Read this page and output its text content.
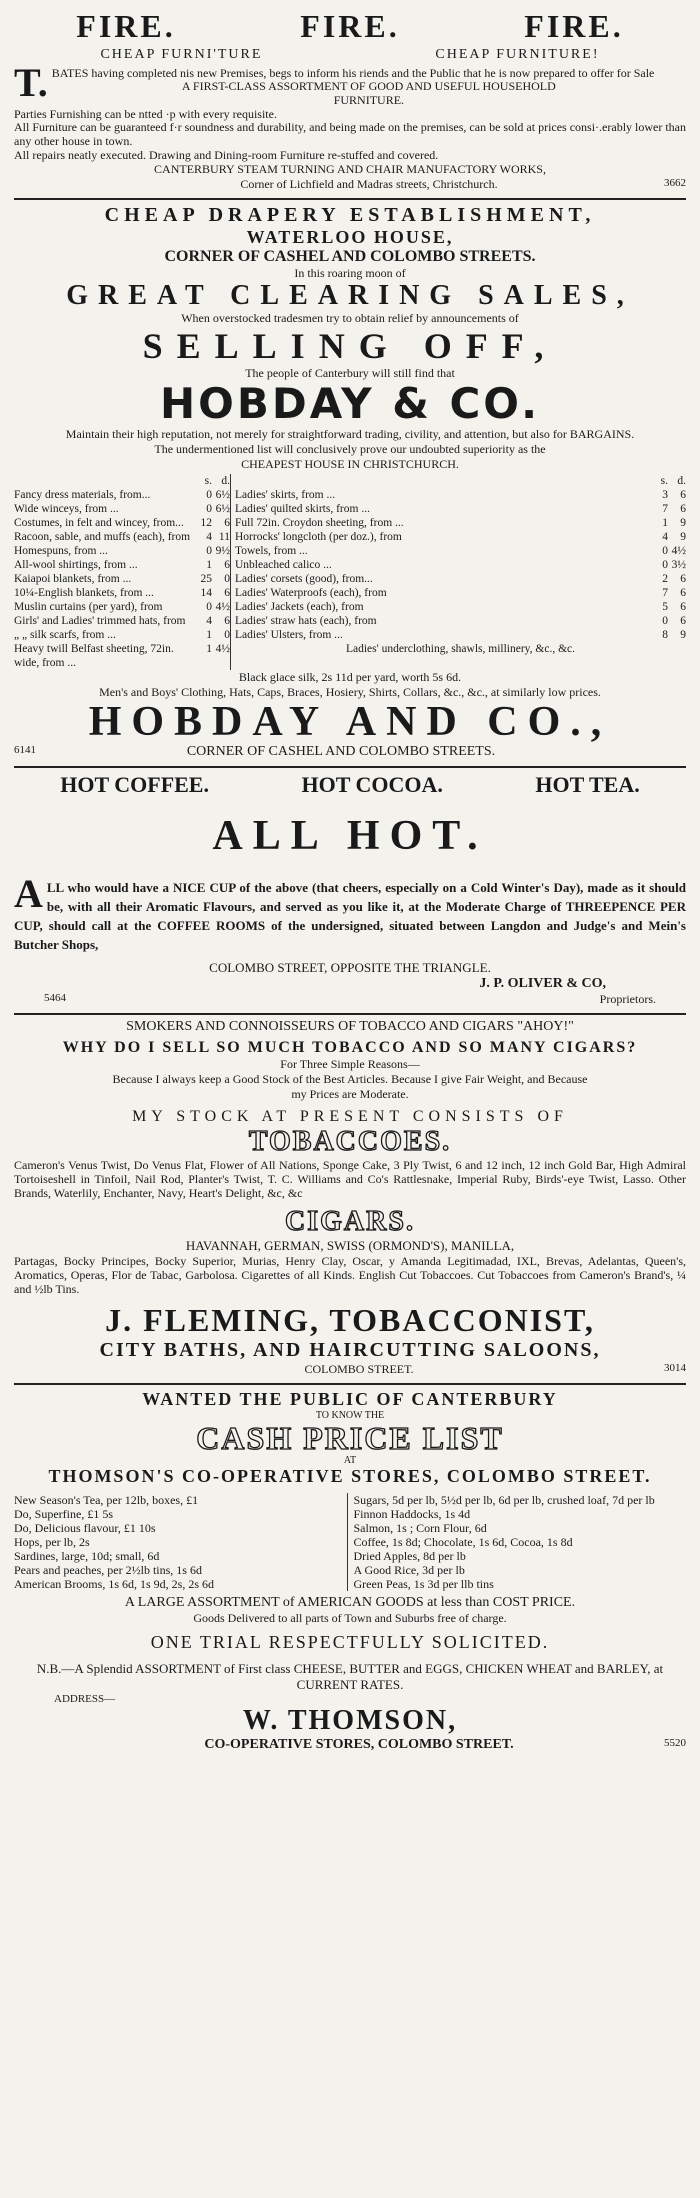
FIRE.	FIRE.	FIRE.
CHEAP FURNI'TURE	CHEAP FURNITURE!
T. BATES having completed nis new Premises, begs to inform his riends and the Public that he is now prepared to offer for Sale
A FIRST-CLASS ASSORTMENT OF GOOD AND USEFUL HOUSEHOLD
FURNITURE.
Parties Furnishing can be ntted ·p with every requisite.
All Furniture can be guaranteed f·r soundness and durability, and being made on the premises, can be sold at prices consi·.erably lower than any other house in town.
All repairs neatly executed. Drawing and Dining-room Furniture re-stuffed and covered.
CANTERBURY STEAM TURNING AND CHAIR MANUFACTORY WORKS,
Corner of Lichfield and Madras streets, Christchurch.	3662
CHEAP DRAPERY ESTABLISHMENT,
WATERLOO HOUSE,
CORNER OF CASHEL AND COLOMBO STREETS.
In this roaring moon of
GREAT CLEARING SALES,
When overstocked tradesmen try to obtain relief by announcements of
SELLING OFF,
The people of Canterbury will still find that
HOBDAY & CO.
Maintain their high reputation, not merely for straightforward trading, civility, and attention, but also for BARGAINS.
The undermentioned list will conclusively prove our undoubted superiority as the
CHEAPEST HOUSE IN CHRISTCHURCH.
	s.	d.		s.	d.
Fancy dress materials, from...	0	6½	Ladies' skirts, from ...	3	6
Wide winceys, from ...	0	6½	Ladies' quilted skirts, from ...	7	6
Costumes, in felt and wincey, from...	12	6	Full 72in. Croydon sheeting, from ...	1	9
Racoon, sable, and muffs (each), from	4	11	Horrocks' longcloth (per doz.), from	4	9
Homespuns, from ...	0	9½	Towels, from ...	0	4½
All-wool shirtings, from ...	1	6	Unbleached calico ...	0	3½
Kaiapoi blankets, from ...	25	0	Ladies' corsets (good), from...	2	6
10¼-English blankets, from ...	14	6	Ladies' Waterproofs (each), from	7	6
Muslin curtains (per yard), from	0	4½	Ladies' Jackets (each), from	5	6
Girls' and Ladies' trimmed hats, from	4	6	Ladies' straw hats (each), from	0	6
„ „ silk scarfs, from ...	1	0	Ladies' Ulsters, from ...	8	9
Heavy twill Belfast sheeting, 72in. wide, from ...	1	4½	Ladies' underclothing, shawls, millinery, &c., &c.		
Black glace silk, 2s 11d per yard, worth 5s 6d.
Men's and Boys' Clothing, Hats, Caps, Braces, Hosiery, Shirts, Collars, &c., &c., at similarly low prices.
HOBDAY AND CO.,
6141	CORNER OF CASHEL AND COLOMBO STREETS.
HOT COFFEE.	HOT COCOA.	HOT TEA.
ALL HOT.
A LL who would have a NICE CUP of the above (that cheers, especially on a Cold Winter's Day), made as it should be, with all their Aromatic Flavours, and served as you like it, at the Moderate Charge of THREEPENCE PER CUP, should call at the COFFEE ROOMS of the undersigned, situated between Langdon and Judge's and Mein's Butcher Shops,
COLOMBO STREET, OPPOSITE THE TRIANGLE.
J. P. OLIVER & CO,
5464	Proprietors.
SMOKERS AND CONNOISSEURS OF TOBACCO AND CIGARS "AHOY!"
WHY DO I SELL SO MUCH TOBACCO AND SO MANY CIGARS?
For Three Simple Reasons—
Because I always keep a Good Stock of the Best Articles. Because I give Fair Weight, and Because my Prices are Moderate.
MY STOCK AT PRESENT CONSISTS OF
TOBACCOES.
Cameron's Venus Twist, Do Venus Flat, Flower of All Nations, Sponge Cake, 3 Ply Twist, 6 and 12 inch, 12 inch Gold Bar, High Admiral Tortoiseshell in Tinfoil, Nail Rod, Planter's Twist, T. C. Williams and Co's Rattlesnake, Imperial Ruby, Birds'-eye Twist, Lasso. Other Brands, Waterlily, Enchanter, Navy, Heart's Delight, &c, &c
CIGARS.
HAVANNAH, GERMAN, SWISS (ORMOND'S), MANILLA,
Partagas, Bocky Principes, Bocky Superior, Murias, Henry Clay, Oscar, y Amanda Legitimadad, IXL, Brevas, Adelantas, Queen's, Aromatics, Operas, Flor de Tabac, Garbolosa. Cigarettes of all Kinds. English Cut Tobaccoes. Cut Tobaccoes from Cameron's Brand's, ¼ and ½lb Tins.
J. FLEMING, TOBACCONIST,
CITY BATHS, AND HAIRCUTTING SALOONS,
COLOMBO STREET.	3014
WANTED THE PUBLIC OF CANTERBURY
TO KNOW THE
CASH PRICE LIST
AT
THOMSON'S CO-OPERATIVE STORES, COLOMBO STREET.
New Season's Tea, per 12lb, boxes, £1
Do, Superfine, £1 5s
Do, Delicious flavour, £1 10s
Hops, per lb, 2s
Sardines, large, 10d; small, 6d
Pears and peaches, per 2½lb tins, 1s 6d
American Brooms, 1s 6d, 1s 9d, 2s, 2s 6d
Sugars, 5d per lb, 5½d per lb, 6d per lb, crushed loaf, 7d per lb
Finnon Haddocks, 1s 4d
Salmon, 1s ; Corn Flour, 6d
Coffee, 1s 8d; Chocolate, 1s 6d, Cocoa, 1s 8d
Dried Apples, 8d per lb
A Good Rice, 3d per lb
Green Peas, 1s 3d per llb tins
A LARGE ASSORTMENT of AMERICAN GOODS at less than COST PRICE.
Goods Delivered to all parts of Town and Suburbs free of charge.
ONE TRIAL RESPECTFULLY SOLICITED.
N.B.—A Splendid ASSORTMENT of First class CHEESE, BUTTER and EGGS, CHICKEN WHEAT and BARLEY, at CURRENT RATES.
ADDRESS—
W. THOMSON,
CO-OPERATIVE STORES, COLOMBO STREET.	5520
